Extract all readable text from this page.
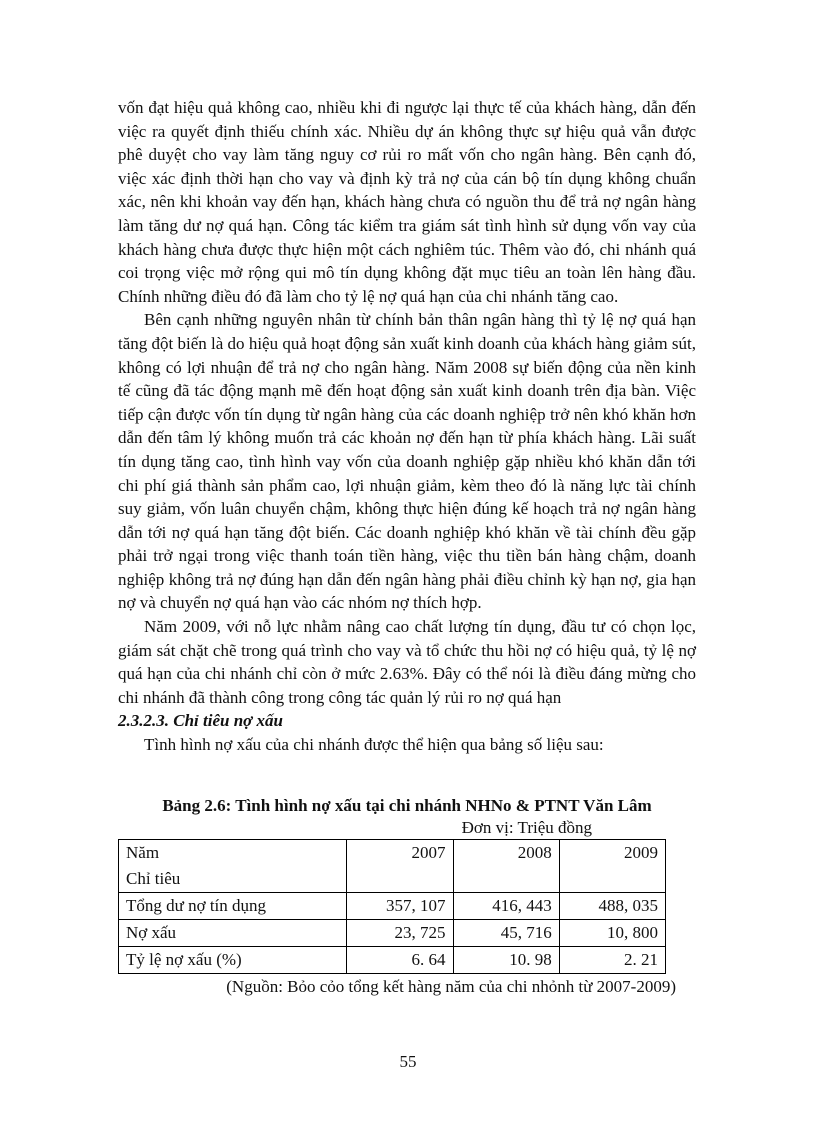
vốn đạt hiệu quả không cao, nhiều khi đi ngược lại thực tế của khách hàng, dẫn đến việc ra quyết định thiếu chính xác. Nhiều dự án không thực sự hiệu quả vẫn được phê duyệt cho vay làm tăng nguy cơ rủi ro mất vốn cho ngân hàng. Bên cạnh đó, việc xác định thời hạn cho vay và định kỳ trả nợ của cán bộ tín dụng không chuẩn xác, nên khi khoản vay đến hạn, khách hàng chưa có nguồn thu để trả nợ ngân hàng làm tăng dư nợ quá hạn. Công tác kiểm tra giám sát tình hình sử dụng vốn vay của khách hàng chưa được thực hiện một cách nghiêm túc. Thêm vào đó, chi nhánh quá coi trọng việc mở rộng qui mô tín dụng không đặt mục tiêu an toàn lên hàng đầu. Chính những điều đó đã làm cho tỷ lệ nợ quá hạn của chi nhánh tăng cao.

Bên cạnh những nguyên nhân từ chính bản thân ngân hàng thì tỷ lệ nợ quá hạn tăng đột biến là do hiệu quả hoạt động sản xuất kinh doanh của khách hàng giảm sút, không có lợi nhuận để trả nợ cho ngân hàng. Năm 2008 sự biến động của nền kinh tế cũng đã tác động mạnh mẽ đến hoạt động sản xuất kinh doanh trên địa bàn. Việc tiếp cận được vốn tín dụng từ ngân hàng của các doanh nghiệp trở nên khó khăn hơn dẫn đến tâm lý không muốn trả các khoản nợ đến hạn từ phía khách hàng. Lãi suất tín dụng tăng cao, tình hình vay vốn của doanh nghiệp gặp nhiều khó khăn dẫn tới chi phí giá thành sản phẩm cao, lợi nhuận giảm, kèm theo đó là năng lực tài chính suy giảm, vốn luân chuyển chậm, không thực hiện đúng kế hoạch trả nợ ngân hàng dẫn tới nợ quá hạn tăng đột biến. Các doanh nghiệp khó khăn về tài chính đều gặp phải trở ngại trong việc thanh toán tiền hàng, việc thu tiền bán hàng chậm, doanh nghiệp không trả nợ đúng hạn dẫn đến ngân hàng phải điều chỉnh kỳ hạn nợ, gia hạn nợ và chuyển nợ quá hạn vào các nhóm nợ thích hợp.

Năm 2009, với nỗ lực nhằm nâng cao chất lượng tín dụng, đầu tư có chọn lọc, giám sát chặt chẽ trong quá trình cho vay và tổ chức thu hồi nợ có hiệu quả, tỷ lệ nợ quá hạn của chi nhánh chỉ còn ở mức 2.63%. Đây có thể nói là điều đáng mừng cho chi nhánh đã thành công trong công tác quản lý rủi ro nợ quá hạn

2.3.2.3. Chỉ tiêu nợ xấu

Tình hình nợ xấu của chi nhánh được thể hiện qua bảng số liệu sau:

Bảng 2.6: Tình hình nợ xấu tại chi nhánh NHNo & PTNT Văn Lâm

Đơn vị: Triệu đồng

Năm	2007	2008	2009
Chỉ tiêu			
Tổng dư nợ tín dụng	357, 107	416, 443	488, 035
Nợ xấu	23, 725	45, 716	10, 800
Tỷ lệ nợ xấu (%)	6. 64	10. 98	2. 21

(Nguồn: Bỏo cỏo tổng kết hàng năm của chi nhỏnh từ 2007-2009)

55
